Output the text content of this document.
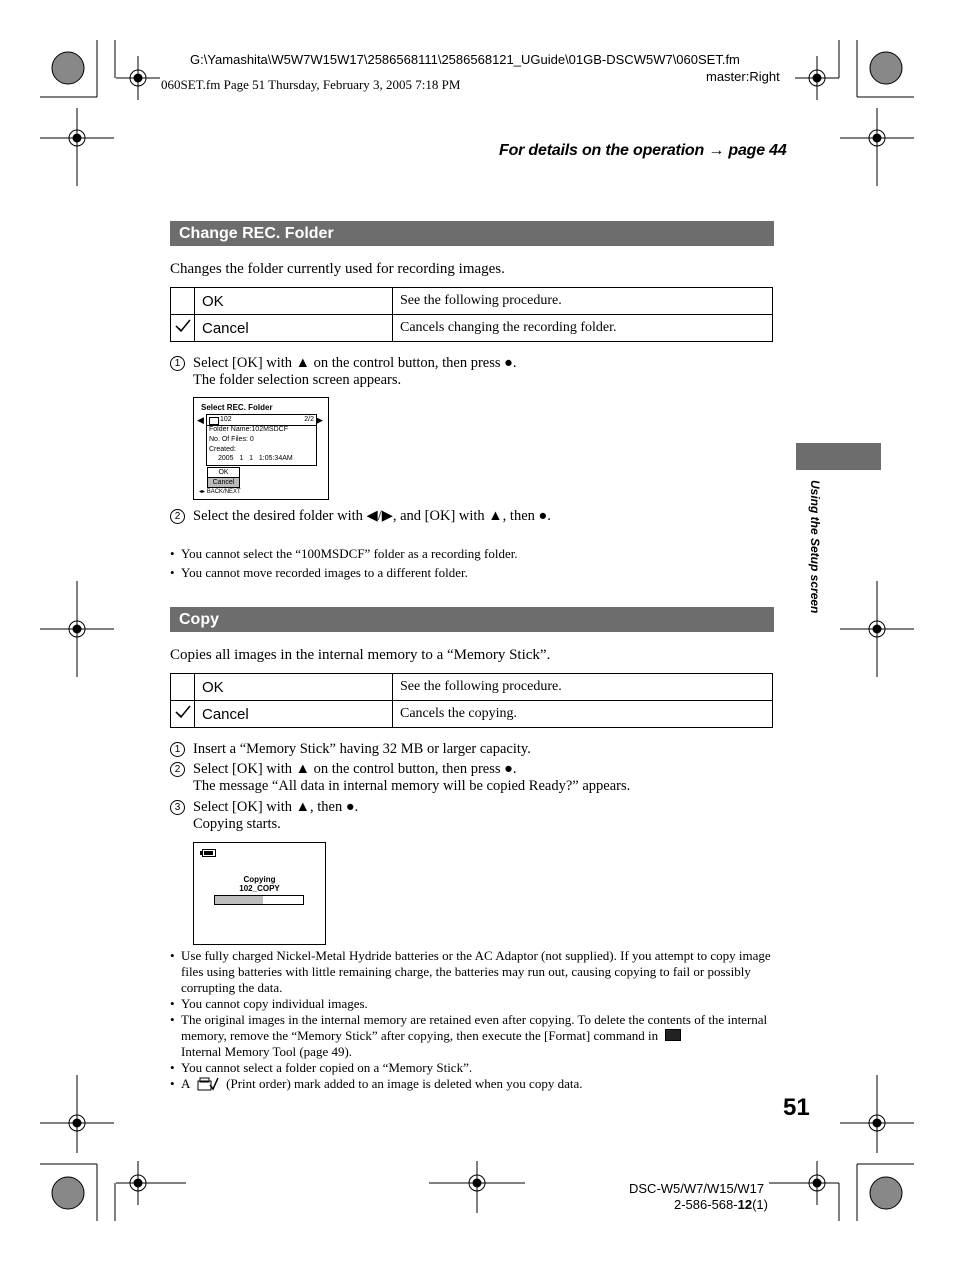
G:\Yamashita\W5W7W15W17\2586568111\2586568121_UGuide\01GB-DSCW5W7\060SET.fm
master:Right
060SET.fm Page 51 Thursday, February 3, 2005 7:18 PM
For details on the operation → page 44
Using the Setup screen
Change REC. Folder
Changes the folder currently used for recording images.
	OK	See the following procedure.
	Cancel	Cancels changing the recording folder.
1 Select [OK] with ▲ on the control button, then press ●.
The folder selection screen appears.
Select REC. Folder
◀	▶
102	2/2
Folder Name:102MSDCF
No. Of Files: 0
Created:
2005   1   1   1:05:34AM
OK
Cancel
◂▸ BACK/NEXT
2 Select the desired folder with ◀/▶, and [OK] with ▲, then ●.
• You cannot select the “100MSDCF” folder as a recording folder.
• You cannot move recorded images to a different folder.
Copy
Copies all images in the internal memory to a “Memory Stick”.
	OK	See the following procedure.
	Cancel	Cancels the copying.
1 Insert a “Memory Stick” having 32 MB or larger capacity.
2 Select [OK] with ▲ on the control button, then press ●.
The message “All data in internal memory will be copied Ready?” appears.
3 Select [OK] with ▲, then ●.
Copying starts.
Copying
102_COPY
• Use fully charged Nickel-Metal Hydride batteries or the AC Adaptor (not supplied). If you attempt to copy image files using batteries with little remaining charge, the batteries may run out, causing copying to fail or possibly corrupting the data.
• You cannot copy individual images.
• The original images in the internal memory are retained even after copying. To delete the contents of the internal memory, remove the “Memory Stick” after copying, then execute the [Format] command in
Internal Memory Tool (page 49).
• You cannot select a folder copied on a “Memory Stick”.
• A	(Print order) mark added to an image is deleted when you copy data.
51
DSC-W5/W7/W15/W17
2-586-568-12(1)
